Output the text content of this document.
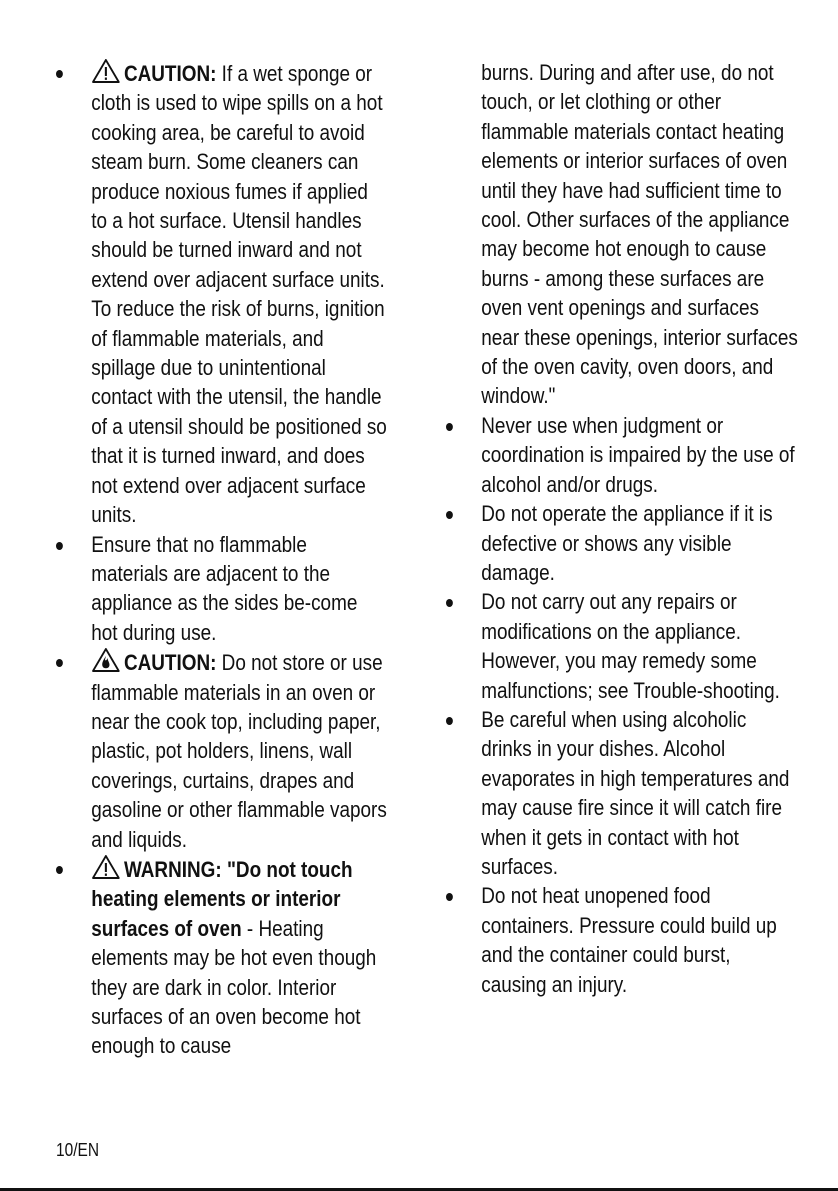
CAUTION: If a wet sponge or cloth is used to wipe spills on a hot cooking area, be careful to avoid steam burn. Some cleaners can produce noxious fumes if applied to a hot surface. Utensil handles should be turned inward and not extend over adjacent surface units. To reduce the risk of burns, ignition of flammable materials, and spillage due to unintentional contact with the utensil, the handle of a utensil should be positioned so that it is turned inward, and does not extend over adjacent surface units.
Ensure that no flammable materials are adjacent to the appliance as the sides be-come hot during use.
CAUTION: Do not store or use flammable materials in an oven or near the cook top, including paper, plastic, pot holders, linens, wall coverings, curtains, drapes and gasoline or other flammable vapors and liquids.
WARNING: "Do not touch heating elements or interior surfaces of oven - Heating elements may be hot even though they are dark in color. Interior surfaces of an oven become hot enough to cause

burns. During and after use, do not touch, or let clothing or other flammable materials contact heating elements or interior surfaces of oven until they have had sufficient time to cool. Other surfaces of the appliance may become hot enough to cause burns - among these surfaces are oven vent openings and surfaces near these openings, interior surfaces of the oven cavity, oven doors, and window."

Never use when judgment or coordination is impaired by the use of alcohol and/or drugs.
Do not operate the appliance if it is defective or shows any visible damage.
Do not carry out any repairs or modifications on the appliance. However, you may remedy some malfunctions; see Trouble-shooting.
Be careful when using alcoholic drinks in your dishes. Alcohol evaporates in high temperatures and may cause fire since it will catch fire when it gets in contact with hot surfaces.
Do not heat unopened food containers. Pressure could build up and the container could burst, causing an injury.
10/EN
